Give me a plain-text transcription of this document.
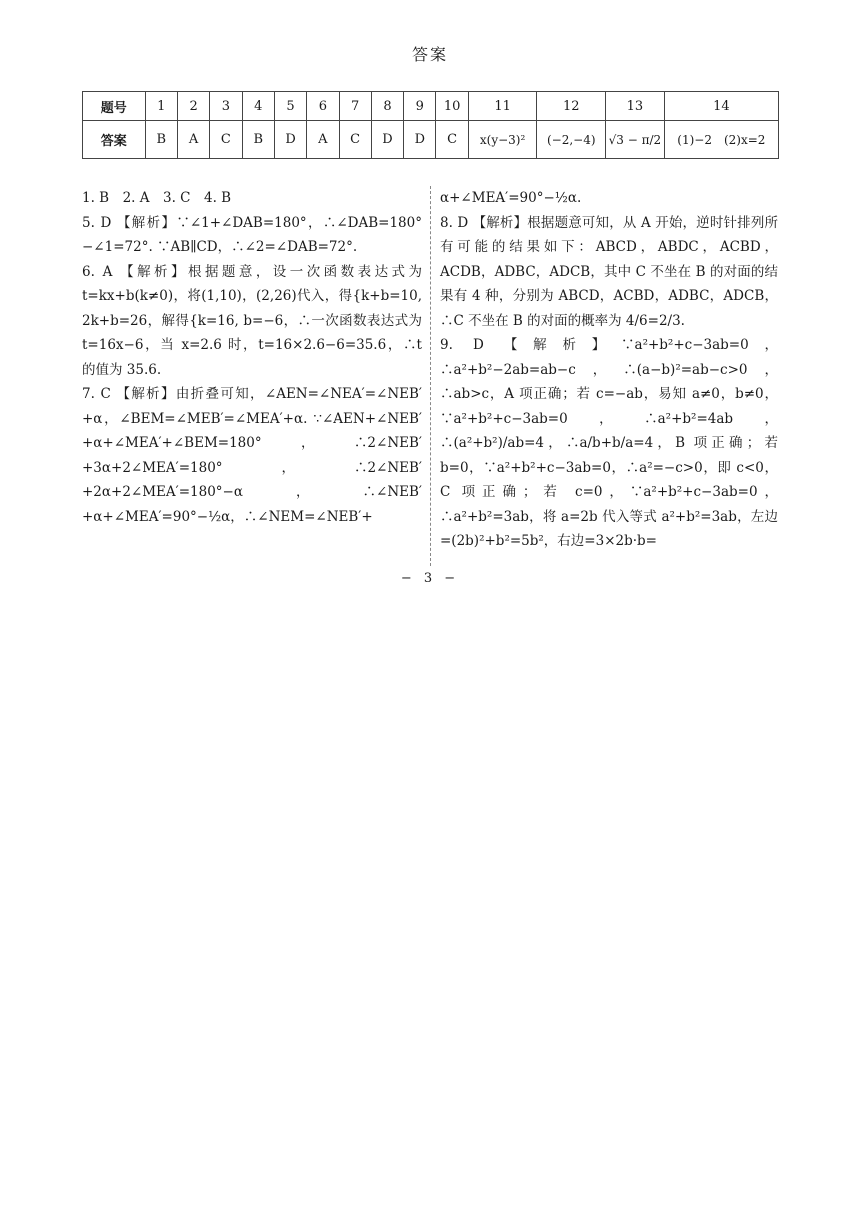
答案
题号	1	2	3	4	5	6	7	8	9	10	11	12	13	14
答案	B	A	C	B	D	A	C	D	D	C	x(y−3)²	(−2,−4)	√3 − π/2	(1)−2　(2)x=2

1. B　2. A　3. C　4. B

5. D 【解析】∵∠1+∠DAB=180°，∴∠DAB=180°−∠1=72°. ∵AB∥CD，∴∠2=∠DAB=72°.

6. A 【解析】根据题意，设一次函数表达式为 t=kx+b(k≠0)，将(1,10)，(2,26)代入，得{k+b=10, 2k+b=26，解得{k=16, b=−6，∴一次函数表达式为 t=16x−6，当 x=2.6 时，t=16×2.6−6=35.6，∴t 的值为 35.6.

7. C 【解析】由折叠可知，∠AEN=∠NEA′=∠NEB′+α，∠BEM=∠MEB′=∠MEA′+α. ∵∠AEN+∠NEB′+α+∠MEA′+∠BEM=180°，∴2∠NEB′+3α+2∠MEA′=180°，∴2∠NEB′+2α+2∠MEA′=180°−α，∴∠NEB′+α+∠MEA′=90°−½α，∴∠NEM=∠NEB′+

α+∠MEA′=90°−½α.

8. D 【解析】根据题意可知，从 A 开始，逆时针排列所有可能的结果如下：ABCD，ABDC，ACBD，ACDB，ADBC，ADCB，其中 C 不坐在 B 的对面的结果有 4 种，分别为 ABCD，ACBD，ADBC，ADCB，∴C 不坐在 B 的对面的概率为 4/6=2/3.

9. D 【解析】∵a²+b²+c−3ab=0，∴a²+b²−2ab=ab−c，∴(a−b)²=ab−c>0，∴ab>c，A 项正确；若 c=−ab，易知 a≠0，b≠0，∵a²+b²+c−3ab=0，∴a²+b²=4ab，∴(a²+b²)/ab=4，∴a/b+b/a=4，B 项正确；若 b=0，∵a²+b²+c−3ab=0，∴a²=−c>0，即 c<0，C 项正确；若 c=0，∵a²+b²+c−3ab=0，∴a²+b²=3ab，将 a=2b 代入等式 a²+b²=3ab，左边=(2b)²+b²=5b²，右边=3×2b·b=

− 3 −
